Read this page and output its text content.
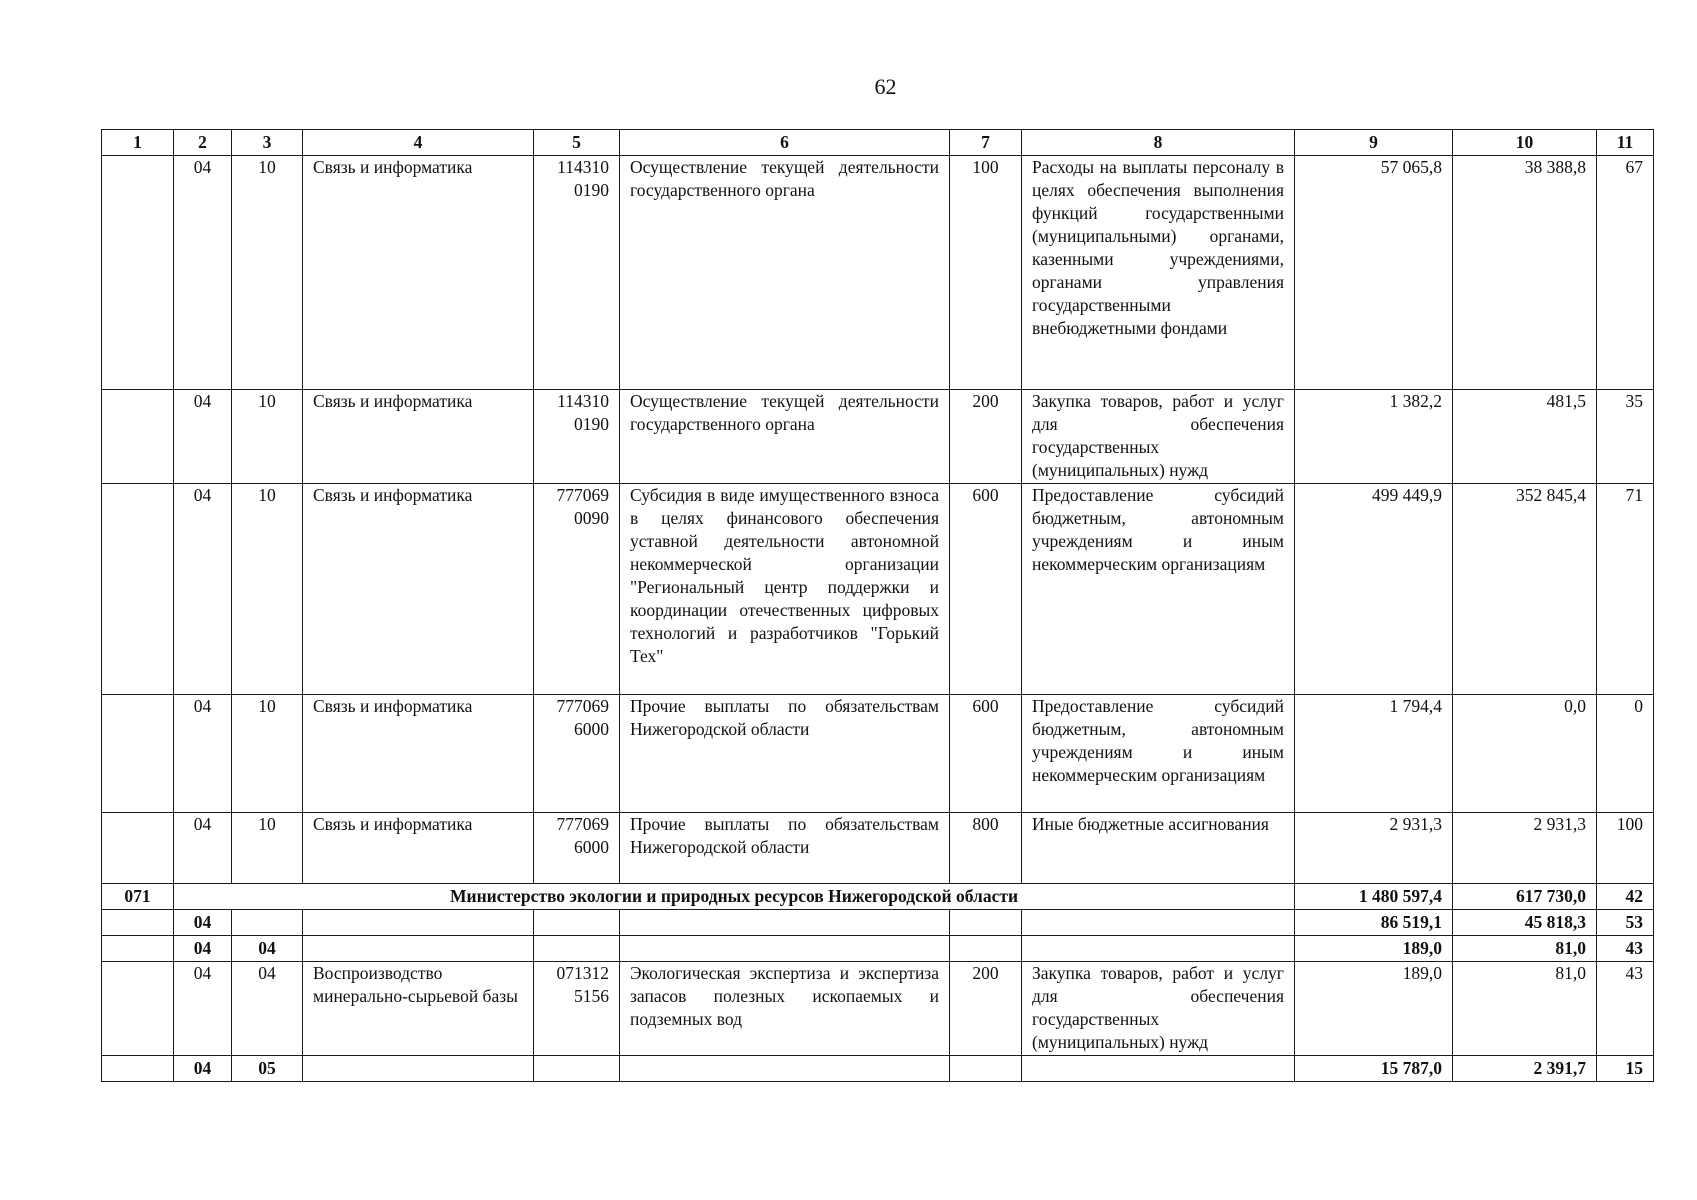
62
1	2	3	4	5	6	7	8	9	10	11
	04	10	Связь и информатика	114310 0190	Осуществление текущей деятельности государственного органа	100	Расходы на выплаты персоналу в целях обеспечения выполнения функций государственными (муниципальными) органами, казенными учреждениями, органами управления государственными внебюджетными фондами	57 065,8	38 388,8	67
	04	10	Связь и информатика	114310 0190	Осуществление текущей деятельности государственного органа	200	Закупка товаров, работ и услуг для обеспечения государственных (муниципальных) нужд	1 382,2	481,5	35
	04	10	Связь и информатика	777069 0090	Субсидия в виде имущественного взноса в целях финансового обеспечения уставной деятельности автономной некоммерческой организации "Региональный центр поддержки и координации отечественных цифровых технологий и разработчиков "Горький Тех"	600	Предоставление субсидий бюджетным, автономным учреждениям и иным некоммерческим организациям	499 449,9	352 845,4	71
	04	10	Связь и информатика	777069 6000	Прочие выплаты по обязательствам Нижегородской области	600	Предоставление субсидий бюджетным, автономным учреждениям и иным некоммерческим организациям	1 794,4	0,0	0
	04	10	Связь и информатика	777069 6000	Прочие выплаты по обязательствам Нижегородской области	800	Иные бюджетные ассигнования	2 931,3	2 931,3	100
071	Министерство экологии и природных ресурсов Нижегородской области							1 480 597,4	617 730,0	42
	04							86 519,1	45 818,3	53
	04	04						189,0	81,0	43
	04	04	Воспроизводство минерально-сырьевой базы	071312 5156	Экологическая экспертиза и экспертиза запасов полезных ископаемых и подземных вод	200	Закупка товаров, работ и услуг для обеспечения государственных (муниципальных) нужд	189,0	81,0	43
	04	05						15 787,0	2 391,7	15
